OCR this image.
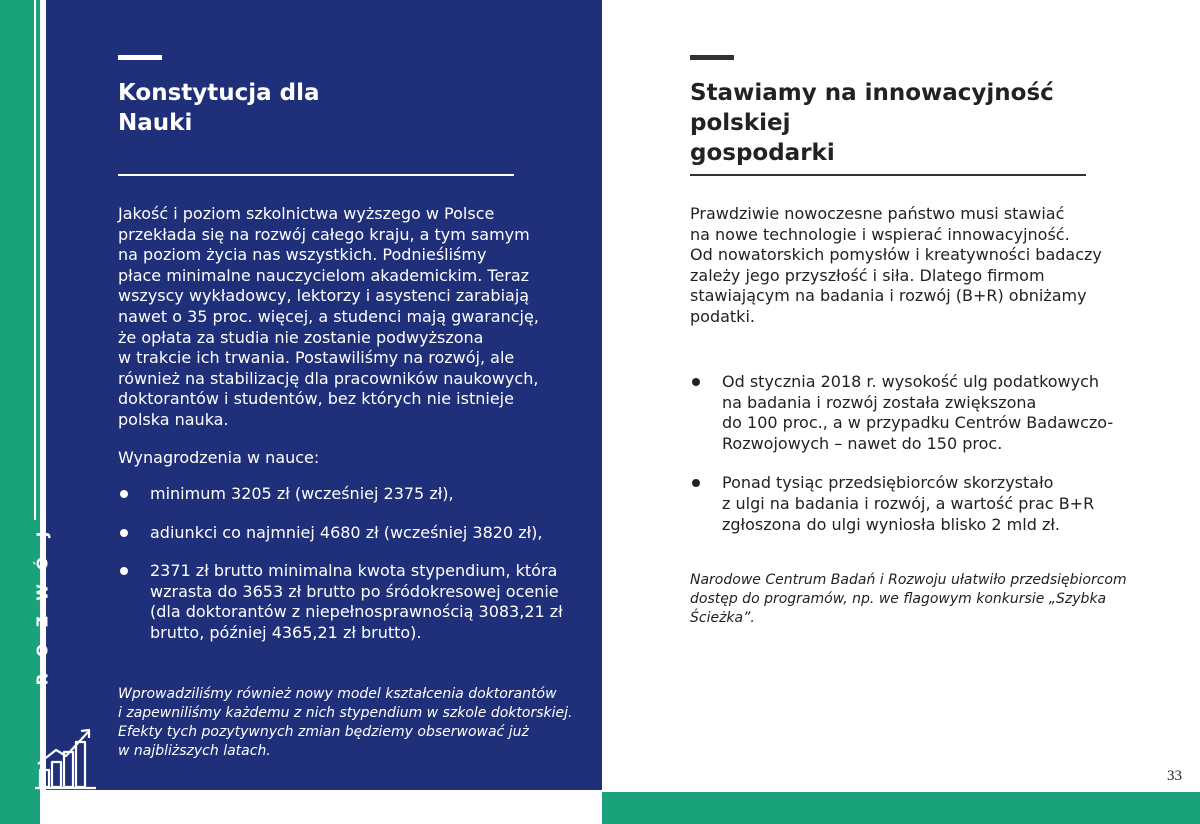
J
Ó
W
Z
O
R
Konstytucja dla
Nauki
Stawiamy na innowacyjność polskiej
gospodarki
Jakość i poziom szkolnictwa wyższego w Polsce
przekłada się na rozwój całego kraju, a tym samym
na poziom życia nas wszystkich. Podnieśliśmy
płace minimalne nauczycielom akademickim. Teraz
wszyscy wykładowcy, lektorzy i asystenci zarabiają
nawet o 35 proc. więcej, a studenci mają gwarancję,
że opłata za studia nie zostanie podwyższona
w trakcie ich trwania. Postawiliśmy na rozwój, ale
również na stabilizację dla pracowników naukowych,
doktorantów i studentów, bez których nie istnieje
polska nauka.
Wynagrodzenia w nauce:
minimum 3205 zł (wcześniej 2375 zł),
adiunkci co najmniej 4680 zł (wcześniej 3820 zł),
2371 zł brutto minimalna kwota stypendium, która
wzrasta do 3653 zł brutto po śródokresowej ocenie
(dla doktorantów z niepełnosprawnością 3083,21 zł
brutto, później 4365,21 zł brutto).
Wprowadziliśmy również nowy model kształcenia doktorantów
i zapewniliśmy każdemu z nich stypendium w szkole doktorskiej.
Efekty tych pozytywnych zmian będziemy obserwować już
w najbliższych latach.
Prawdziwie nowoczesne państwo musi stawiać
na nowe technologie i wspierać innowacyjność.
Od nowatorskich pomysłów i kreatywności badaczy
zależy jego przyszłość i siła. Dlatego firmom
stawiającym na badania i rozwój (B+R) obniżamy
podatki.
Od stycznia 2018 r. wysokość ulg podatkowych
na badania i rozwój została zwiększona
do 100 proc., a w przypadku Centrów Badawczo-
Rozwojowych – nawet do 150 proc.
Ponad tysiąc przedsiębiorców skorzystało
z ulgi na badania i rozwój, a wartość prac B+R
zgłoszona do ulgi wyniosła blisko 2 mld zł.
Narodowe Centrum Badań i Rozwoju ułatwiło przedsiębiorcom
dostęp do programów, np. we flagowym konkursie „Szybka
Ścieżka”.
33
